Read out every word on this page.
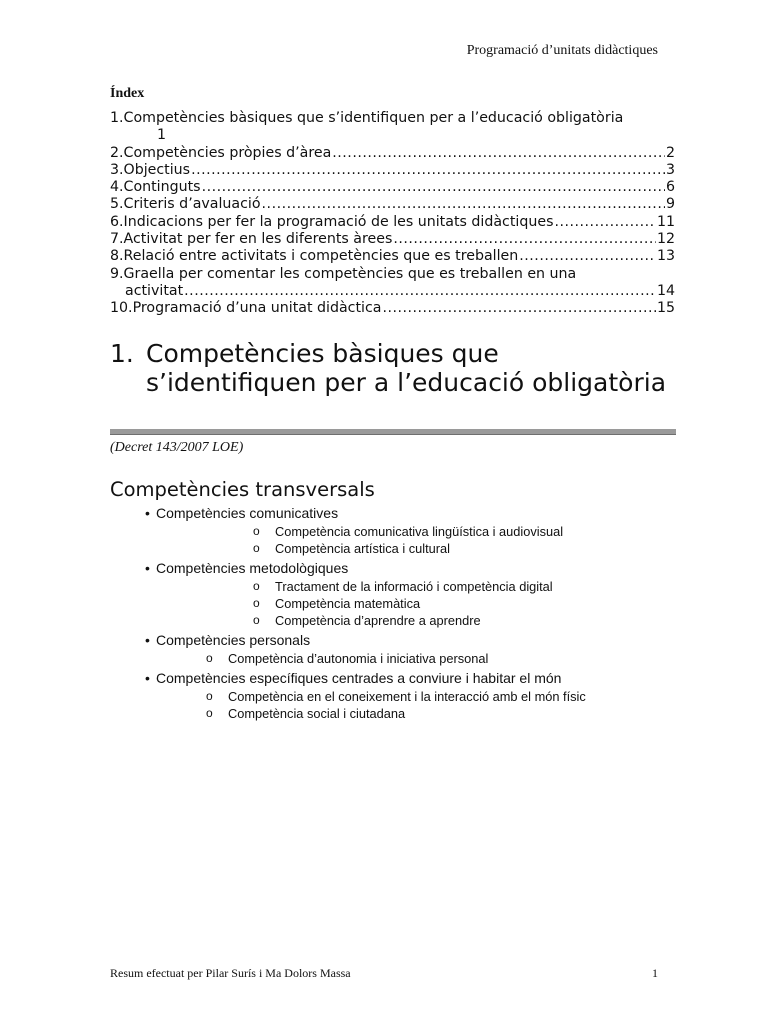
Programació d’unitats didàctiques
Índex
1.Competències bàsiques que s’identifiquen per a l’educació obligatòria
1
2.Competències pròpies d’àrea .....	2
3.Objectius .....	3
4.Continguts .....	6
5.Criteris d’avaluació .....	9
6.Indicacions per fer la programació de les unitats didàctiques .....	11
7.Activitat per fer en les diferents àrees .....	12
8.Relació entre activitats i competències que es treballen .....	13
9.Graella per comentar les competències que es treballen en una
activitat .....	14
10. Programació d’una unitat didàctica .....	15
1. Competències bàsiques que s’identifiquen per a l’educació obligatòria
(Decret 143/2007 LOE)
Competències transversals
• Competències comunicatives
o Competència comunicativa lingüística i audiovisual
o Competència artística i cultural
• Competències metodològiques
o Tractament de la informació i competència digital
o Competència matemàtica
o Competència d’aprendre a aprendre
• Competències personals
o Competència d’autonomia i iniciativa personal
• Competències específiques centrades a conviure i habitar el món
o Competència en el coneixement i la interacció amb el món físic
o Competència social i ciutadana
Resum efectuat per Pilar Surís i Ma Dolors Massa	1
